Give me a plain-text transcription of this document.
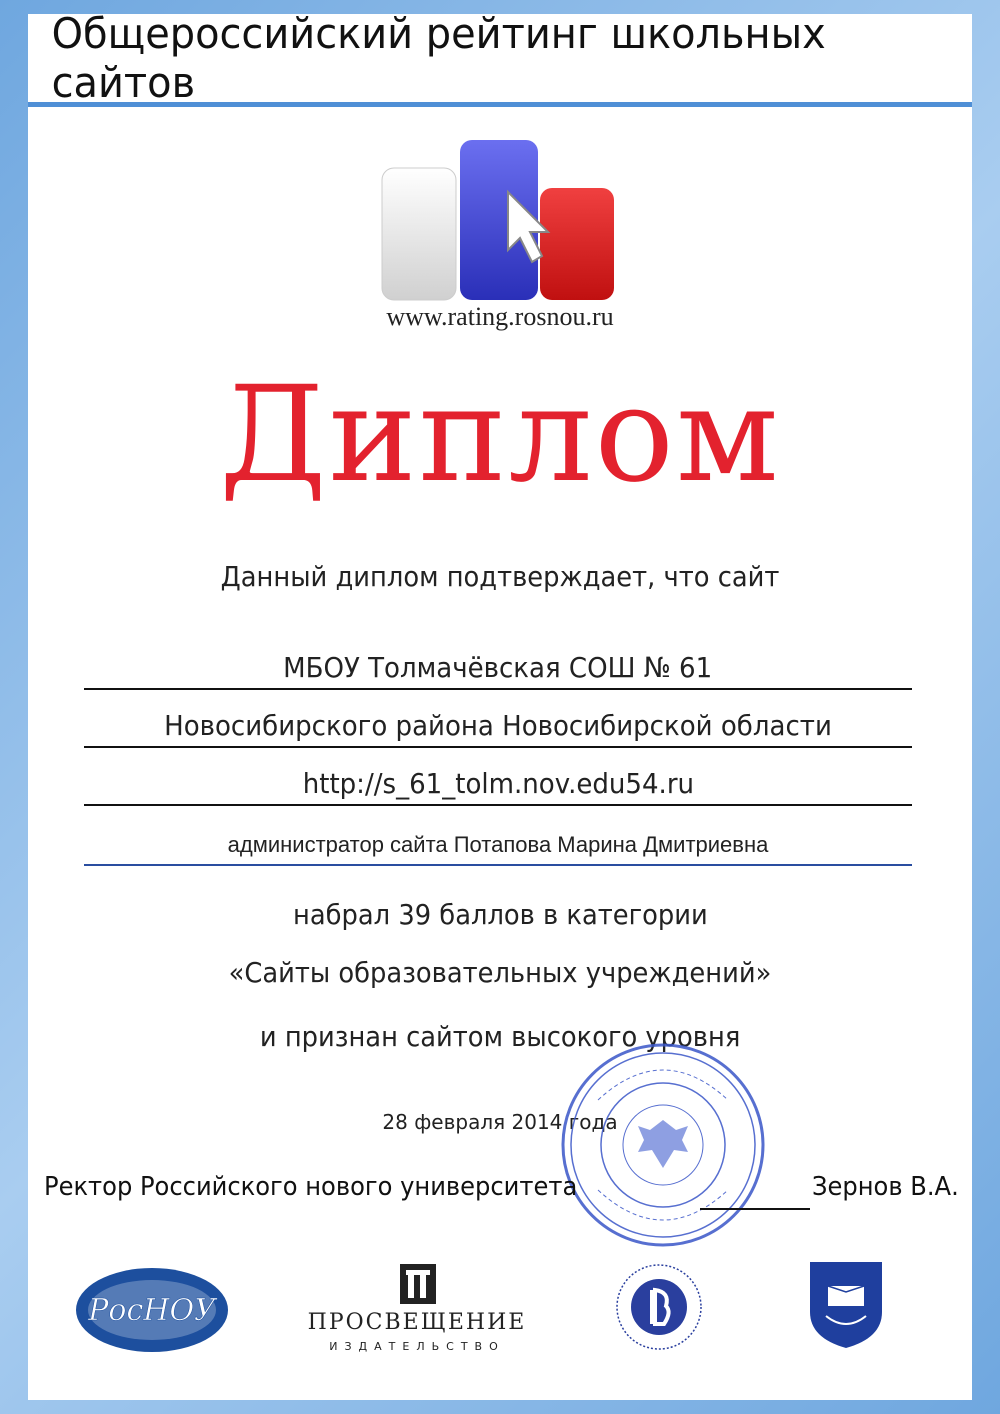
Общероссийский рейтинг школьных сайтов
www.rating.rosnou.ru
Диплом
Данный диплом подтверждает, что сайт
МБОУ Толмачёвская СОШ № 61
Новосибирского района Новосибирской области
http://s_61_tolm.nov.edu54.ru
администратор сайта Потапова Марина Дмитриевна
набрал 39 баллов в категории
«Сайты образовательных учреждений»
и признан сайтом высокого уровня
28 февраля 2014 года
Ректор Российского нового университета	Зернов В.А.
РосНОУ	ПРОСВЕЩЕНИЕ
ИЗДАТЕЛЬСТВО
